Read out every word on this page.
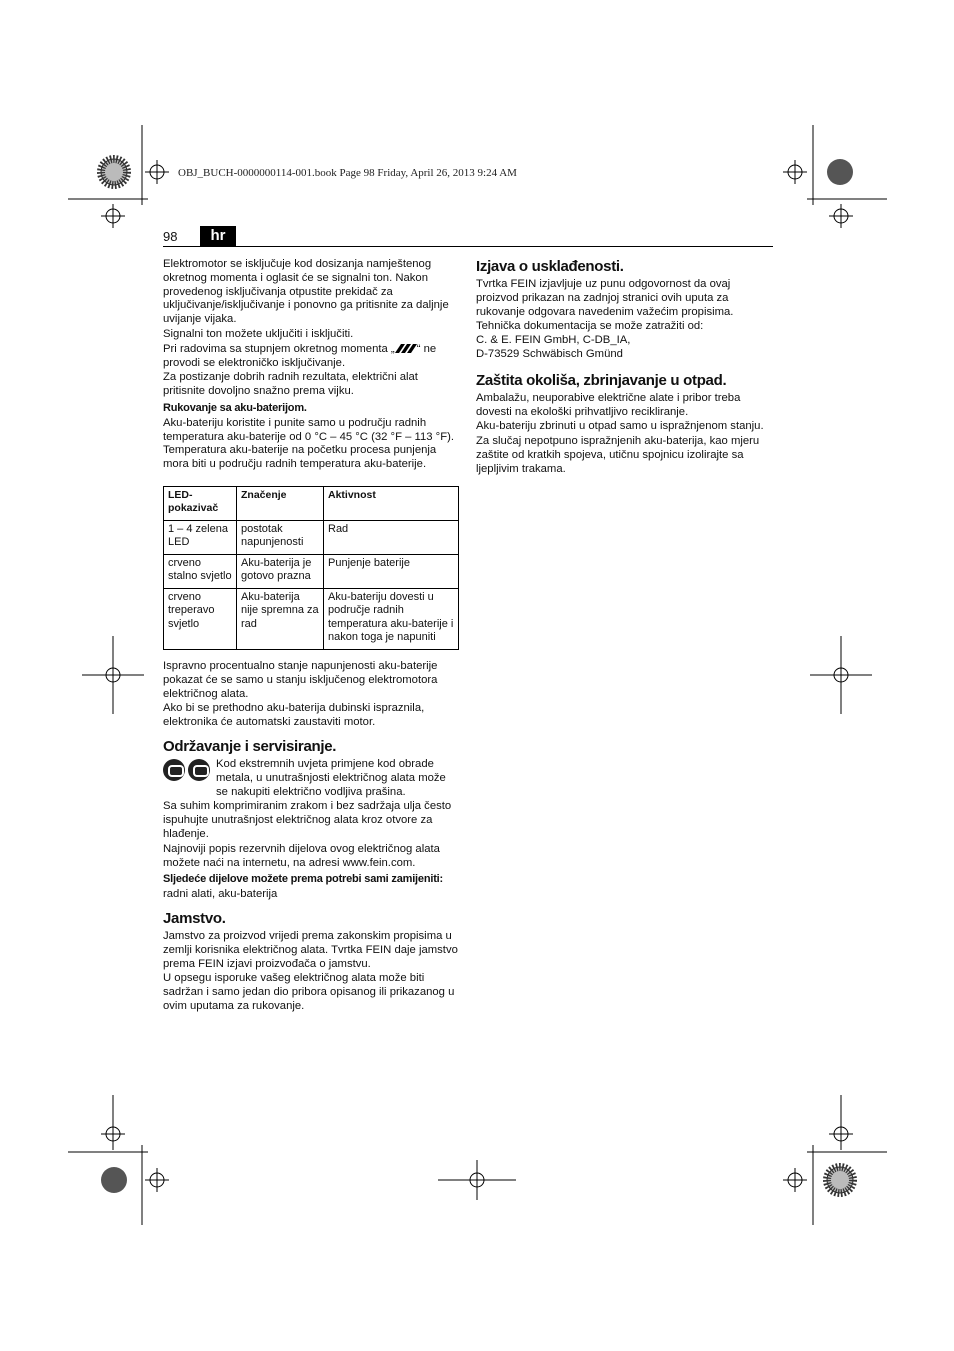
OBJ_BUCH-0000000114-001.book Page 98 Friday, April 26, 2013 9:24 AM
98	hr

Elektromotor se isključuje kod dosizanja namještenog okretnog momenta i oglasit će se signalni ton. Nakon provedenog isključivanja otpustite prekidač za uključivanje/isključivanje i ponovno ga pritisnite za daljnje uvijanje vijaka.

Signalni ton možete uključiti i isključiti.

Pri radovima sa stupnjem okretnog momenta „ “ ne provodi se elektroničko isključivanje.

Za postizanje dobrih radnih rezultata, električni alat pritisnite dovoljno snažno prema vijku.

Rukovanje sa aku-baterijom.

Aku-bateriju koristite i punite samo u području radnih temperatura aku-baterije od 0 °C – 45 °C (32 °F – 113 °F). Temperatura aku-baterije na početku procesa punjenja mora biti u području radnih temperatura aku-baterije.

LED-pokazivač	Značenje	Aktivnost
1 – 4 zelena LED	postotak napunjenosti	Rad
crveno stalno svjetlo	Aku-baterija je gotovo prazna	Punjenje baterije
crveno treperavo svjetlo	Aku-baterija nije spremna za rad	Aku-bateriju dovesti u područje radnih temperatura aku-baterije i nakon toga je napuniti

Ispravno procentualno stanje napunjenosti aku-baterije pokazat će se samo u stanju isključenog elektromotora električnog alata.

Ako bi se prethodno aku-baterija dubinski ispraznila, elektronika će automatski zaustaviti motor.

Održavanje i servisiranje.

Kod ekstremnih uvjeta primjene kod obrade metala, u unutrašnjosti električnog alata može se nakupiti električno vodljiva prašina.

Sa suhim komprimiranim zrakom i bez sadržaja ulja često ispuhujte unutrašnjost električnog alata kroz otvore za hlađenje.

Najnoviji popis rezervnih dijelova ovog električnog alata možete naći na internetu, na adresi www.fein.com.

Sljedeće dijelove možete prema potrebi sami zamijeniti:

radni alati, aku-baterija

Jamstvo.

Jamstvo za proizvod vrijedi prema zakonskim propisima u zemlji korisnika električnog alata. Tvrtka FEIN daje jamstvo prema FEIN izjavi proizvođača o jamstvu.

U opsegu isporuke vašeg električnog alata može biti sadržan i samo jedan dio pribora opisanog ili prikazanog u ovim uputama za rukovanje.

Izjava o usklađenosti.

Tvrtka FEIN izjavljuje uz punu odgovornost da ovaj proizvod prikazan na zadnjoj stranici ovih uputa za rukovanje odgovara navedenim važećim propisima.

Tehnička dokumentacija se može zatražiti od:

C. & E. FEIN GmbH, C-DB_IA,

D-73529 Schwäbisch Gmünd

Zaštita okoliša, zbrinjavanje u otpad.

Ambalažu, neuporabive električne alate i pribor treba dovesti na ekološki prihvatljivo recikliranje.

Aku-bateriju zbrinuti u otpad samo u ispražnjenom stanju.

Za slučaj nepotpuno ispražnjenih aku-baterija, kao mjeru zaštite od kratkih spojeva, utičnu spojnicu izolirajte sa ljepljivim trakama.
